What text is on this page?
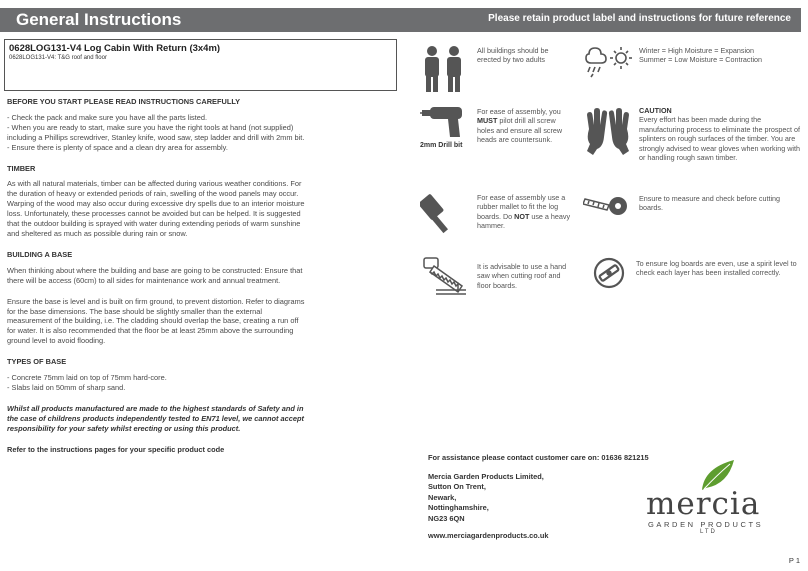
General Instructions	Please retain product label and instructions for future reference
0628LOG131-V4 Log Cabin With Return (3x4m)
0628LOG131-V4: T&G roof and floor
BEFORE YOU START PLEASE READ INSTRUCTIONS CAREFULLY

- Check the pack and make sure you have all the parts listed.
- When you are ready to start, make sure you have the right tools at hand (not supplied) including a Phillips screwdriver, Stanley knife, wood saw, step ladder and drill with 2mm bit.
- Ensure there is plenty of space and a clean dry area for assembly.

TIMBER

As with all natural materials, timber can be affected during various weather conditions. For the duration of heavy or extended periods of rain, swelling of the wood panels may occur. Warping of the wood may also occur during excessive dry spells due to an interior moisture loss. Unfortunately, these processes cannot be avoided but can be helped. It is suggested that the outdoor building is sprayed with water during extending periods of warm sunshine and sheltered as much as possible during rain or snow.

BUILDING A BASE

When thinking about where the building and base are going to be constructed: Ensure that there will be access (60cm) to all sides for maintenance work and annual treatment.

Ensure the base is level and is built on firm ground, to prevent distortion. Refer to diagrams for the base dimensions. The base should be slightly smaller than the external measurement of the building, i.e. The cladding should overlap the base, creating a run off for water. It is also recommended that the floor be at least 25mm above the surrounding ground level to avoid flooding.

TYPES OF BASE

- Concrete 75mm laid on top of 75mm hard-core.
- Slabs laid on 50mm of sharp sand.

Whilst all products manufactured are made to the highest standards of Safety and in the case of childrens products independently tested to EN71 level, we cannot accept responsibility for your safety whilst erecting or using this product.

Refer to the instructions pages for your specific product code

All buildings should be erected by two adults
Winter = High Moisture = Expansion
Summer = Low Moisture = Contraction
2mm Drill bit
For ease of assembly, you MUST pilot drill all screw holes and ensure all screw heads are countersunk.
CAUTION
Every effort has been made during the manufacturing process to eliminate the prospect of splinters on rough surfaces of the timber. You are strongly advised to wear gloves when working with or handling rough sawn timber.
For ease of assembly use a rubber mallet to fit the log boards. Do NOT use a heavy hammer.
Ensure to measure and check before cutting boards.
It is advisable to use a hand saw when cutting roof and floor boards.
To ensure log boards are even, use a spirit level to check each layer has been installed correctly.
For assistance please contact customer care on: 01636 821215
Mercia Garden Products Limited,
Sutton On Trent,
Newark,
Nottinghamshire,
NG23 6QN
www.merciagardenproducts.co.uk
mercia
GARDEN PRODUCTS
LTD
P 1
